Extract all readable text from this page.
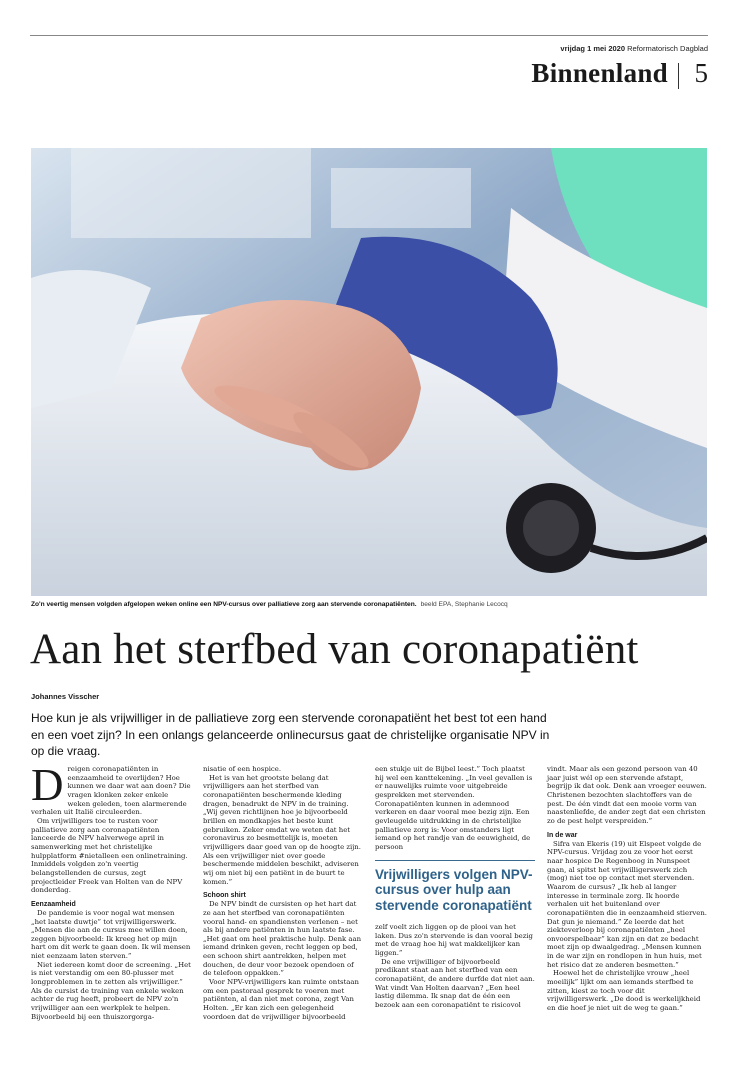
vrijdag 1 mei 2020 Reformatorisch Dagblad
Binnenland 5
Zo'n veertig mensen volgden afgelopen weken online een NPV-cursus over palliatieve zorg aan stervende coronapatiënten. beeld EPA, Stephanie Lecocq
Aan het sterfbed van coronapatiënt
Johannes Visscher
Hoe kun je als vrijwilliger in de palliatieve zorg een stervende coronapatiënt het best tot een hand en een voet zijn? In een onlangs gelanceerde onlinecursus gaat de christelijke organisatie NPV in op die vraag.
D reigen coronapatiënten in eenzaamheid te overlijden? Hoe kunnen we daar wat aan doen? Die vragen klonken zeker enkele weken geleden, toen alarmerende verhalen uit Italië circuleerden.

Om vrijwilligers toe te rusten voor palliatieve zorg aan coronapatiënten lanceerde de NPV halverwege april in samenwerking met het christelijke hulpplatform #nietalleen een onlinetraining. Inmiddels volgden zo'n veertig belangstellenden de cursus, zegt projectleider Freek van Holten van de NPV donderdag.

Eenzaamheid

De pandemie is voor nogal wat mensen „het laatste duwtje” tot vrijwilligerswerk. „Mensen die aan de cursus mee willen doen, zeggen bijvoorbeeld: Ik kreeg het op mijn hart om dit werk te gaan doen. Ik wil mensen niet eenzaam laten sterven.”

Niet iedereen komt door de screening. „Het is niet verstandig om een 80-plusser met longproblemen in te zetten als vrijwilliger.” Als de cursist de training van enkele weken achter de rug heeft, probeert de NPV zo'n vrijwilliger aan een werkplek te helpen. Bijvoorbeeld bij een thuiszorgorga-

nisatie of een hospice.

Het is van het grootste belang dat vrijwilligers aan het sterfbed van coronapatiënten beschermende kleding dragen, benadrukt de NPV in de training. „Wij geven richtlijnen hoe je bijvoorbeeld brillen en mondkapjes het beste kunt gebruiken. Zeker omdat we weten dat het coronavirus zo besmettelijk is, moeten vrijwilligers daar goed van op de hoogte zijn. Als een vrijwilliger niet over goede beschermende middelen beschikt, adviseren wij om niet bij een patiënt in de buurt te komen.”

Schoon shirt

De NPV bindt de cursisten op het hart dat ze aan het sterfbed van coronapatiënten vooral hand- en spandiensten verlenen – net als bij andere patiënten in hun laatste fase. „Het gaat om heel praktische hulp. Denk aan iemand drinken geven, recht leggen op bed, een schoon shirt aantrekken, helpen met douchen, de deur voor bezoek opendoen of de telefoon oppakken.”

Voor NPV-vrijwilligers kan ruimte ontstaan om een pastoraal gesprek te voeren met patiënten, al dan niet met corona, zegt Van Holten. „Er kan zich een gelegenheid voordoen dat de vrijwilliger bijvoorbeeld

een stukje uit de Bijbel leest.” Toch plaatst hij wel een kanttekening. „In veel gevallen is er nauwelijks ruimte voor uitgebreide gesprekken met stervenden. Coronapatiënten kunnen in ademnood verkeren en daar vooral mee bezig zijn. Een gevleugelde uitdrukking in de christelijke palliatieve zorg is: Voor omstanders ligt iemand op het randje van de eeuwigheid, de persoon

Vrijwilligers volgen NPV-cursus over hulp aan stervende coronapatiënt

zelf voelt zich liggen op de plooi van het laken. Dus zo'n stervende is dan vooral bezig met de vraag hoe hij wat makkelijker kan liggen.”

De ene vrijwilliger of bijvoorbeeld predikant staat aan het sterfbed van een coronapatiënt, de andere durfde dat niet aan. Wat vindt Van Holten daarvan? „Een heel lastig dilemma. Ik snap dat de één een bezoek aan een coronapatiënt te risicovol

vindt. Maar als een gezond persoon van 40 jaar juist wél op een stervende afstapt, begrijp ik dat ook. Denk aan vroeger eeuwen. Christenen bezochten slachtoffers van de pest. De één vindt dat een mooie vorm van naastenliefde, de ander zegt dat een christen zo de pest helpt verspreiden.”

In de war

Sifra van Ekeris (19) uit Elspeet volgde de NPV-cursus. Vrijdag zou ze voor het eerst naar hospice De Regenboog in Nunspeet gaan, al spitst het vrijwilligerswerk zich (mog) niet toe op contact met stervenden. Waarom de cursus? „Ik heb al langer interesse in terminale zorg. Ik hoorde verhalen uit het buitenland over coronapatiënten die in eenzaamheid stierven. Dat gun je niemand.” Ze leerde dat het ziekteverloop bij coronapatiënten „heel onvoorspelbaar” kan zijn en dat ze bedacht moet zijn op dwaalgedrag. „Mensen kunnen in de war zijn en rondlopen in hun huis, met het risico dat ze anderen besmetten.”

Hoewel het de christelijke vrouw „heel moeilijk” lijkt om aan iemands sterfbed te zitten, kiest ze toch voor dit vrijwilligerswerk. „De dood is werkelijkheid en die hoef je niet uit de weg te gaan.”
